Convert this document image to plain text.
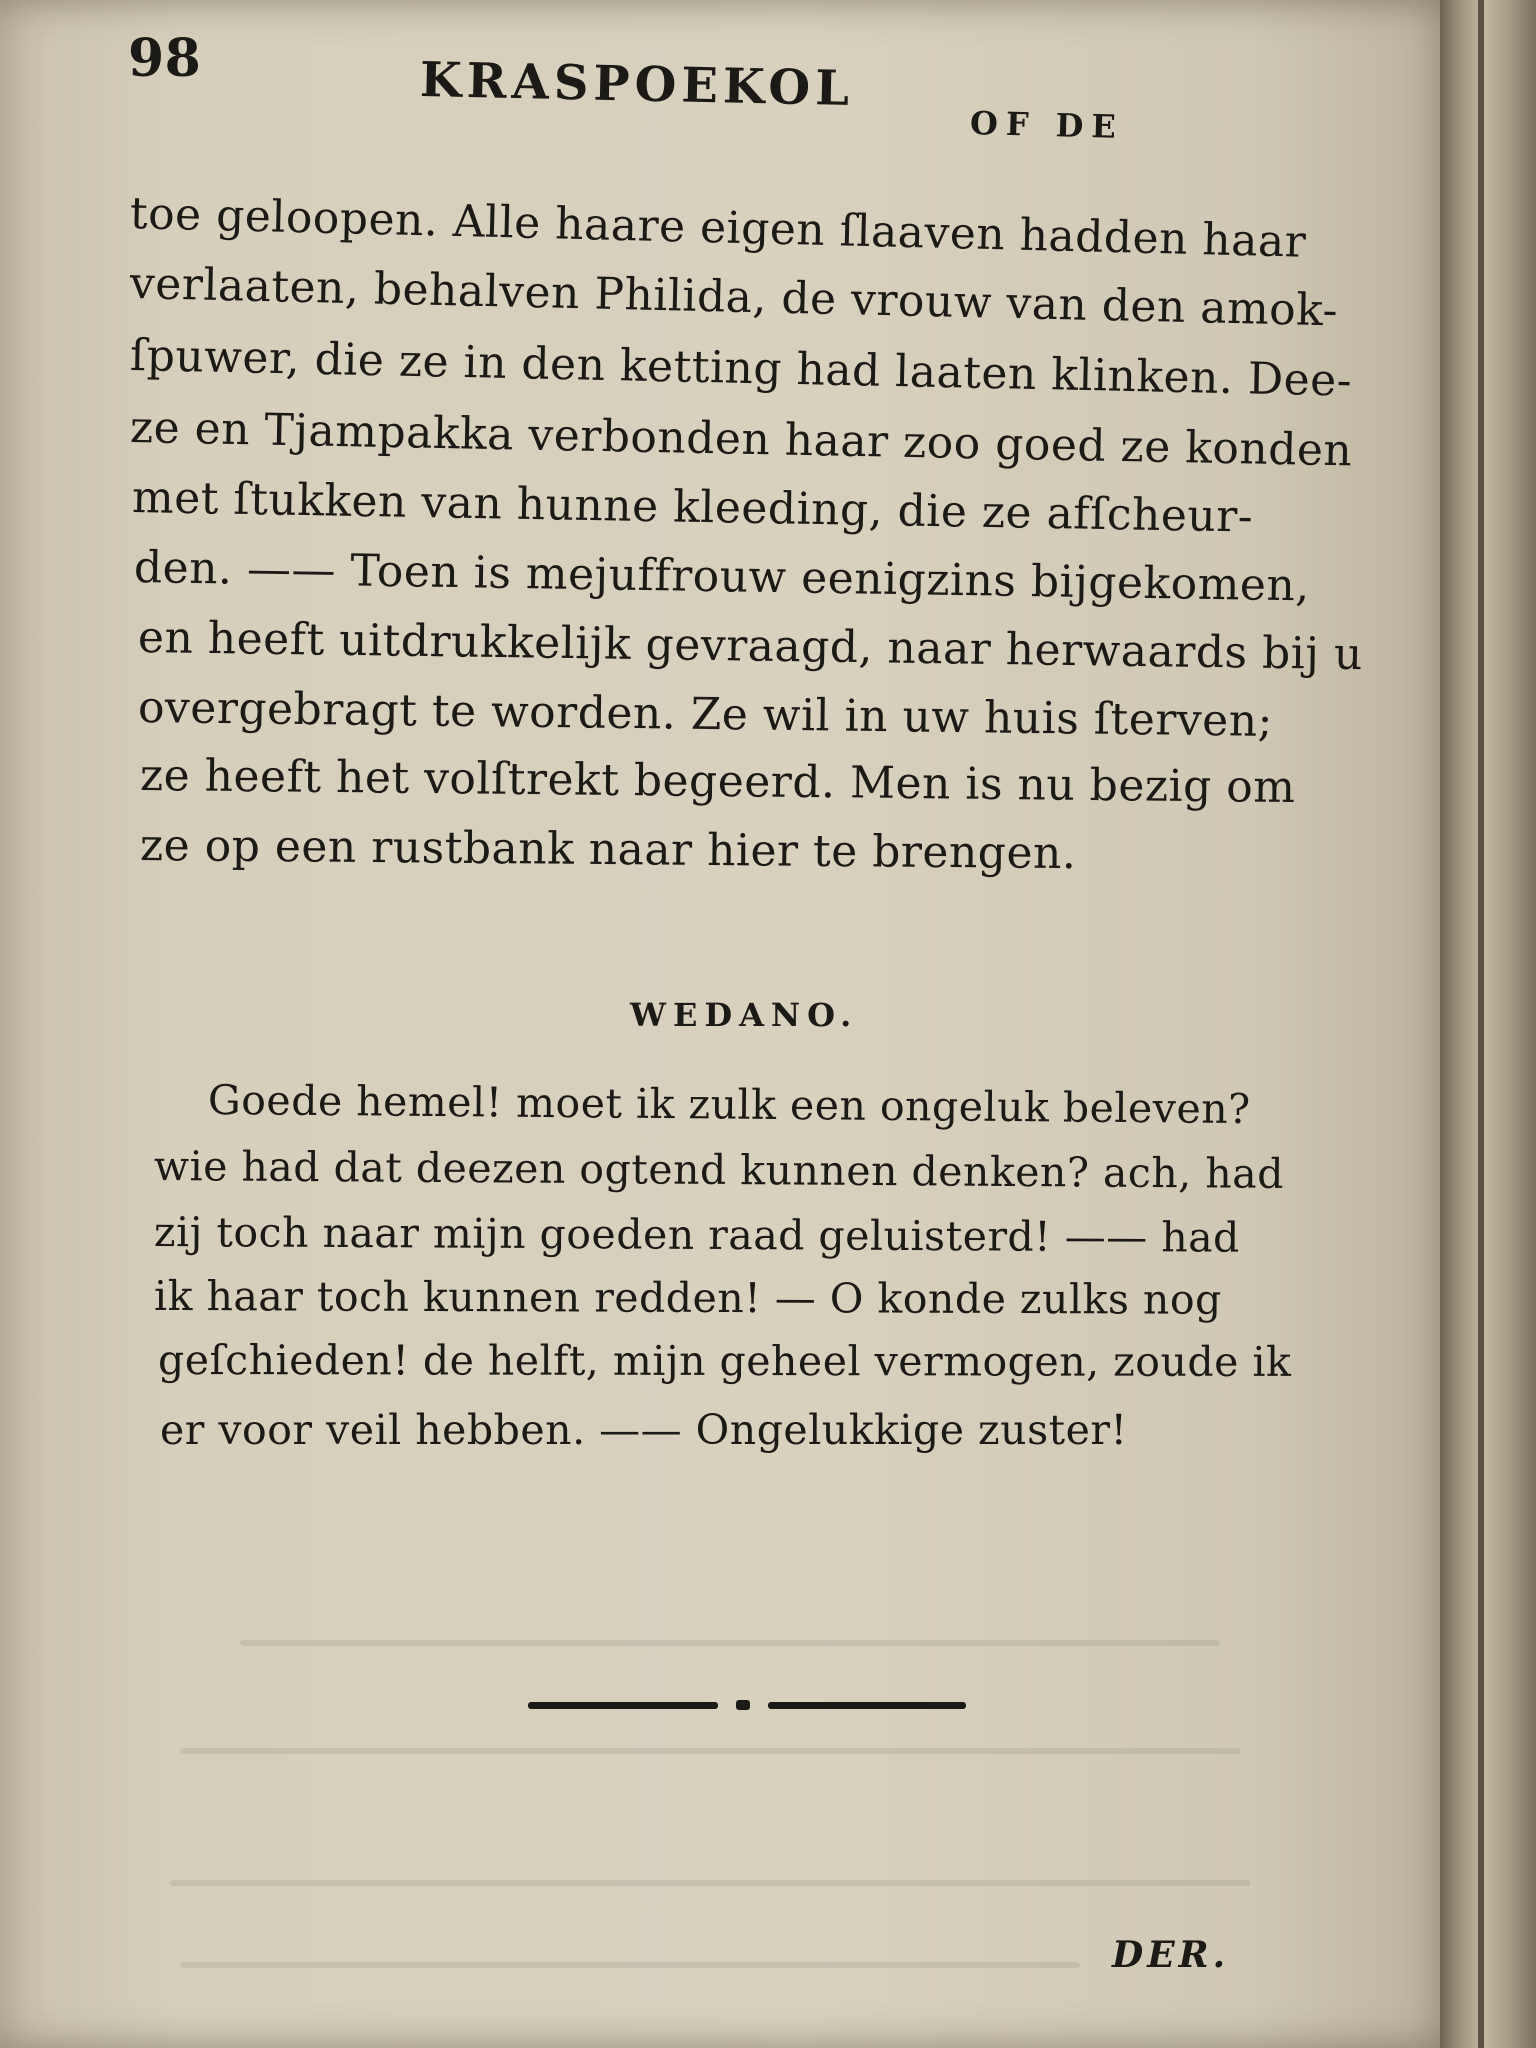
98	KRASPOEKOL
OF DE
toe geloopen. Alle haare eigen ſlaaven hadden haar
verlaaten, behalven Philida, de vrouw van den amok-
ſpuwer, die ze in den ketting had laaten klinken. Dee-
ze en Tjampakka verbonden haar zoo goed ze konden
met ſtukken van hunne kleeding, die ze afſcheur-
den. —— Toen is mejuffrouw eenigzins bijgekomen,
en heeft uitdrukkelijk gevraagd, naar herwaards bij u
overgebragt te worden. Ze wil in uw huis ſterven;
ze heeft het volſtrekt begeerd. Men is nu bezig om
ze op een rustbank naar hier te brengen.
WEDANO.
Goede hemel! moet ik zulk een ongeluk beleven?
wie had dat deezen ogtend kunnen denken? ach, had
zij toch naar mijn goeden raad geluisterd! —— had
ik haar toch kunnen redden! — O konde zulks nog
geſchieden! de helft, mijn geheel vermogen, zoude ik
er voor veil hebben. —— Ongelukkige zuster!
DER.
